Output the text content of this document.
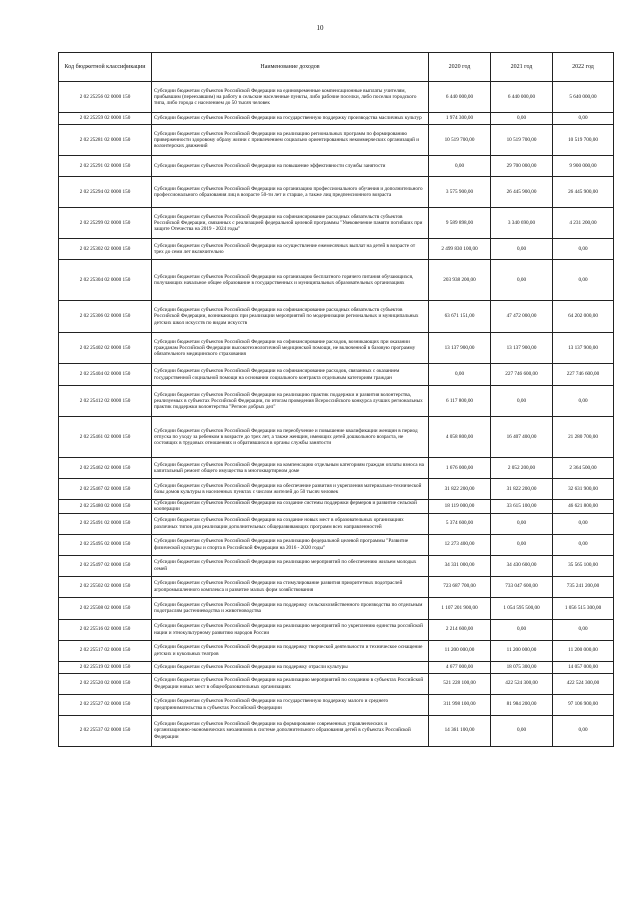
10
Код бюджетной классификации	Наименование доходов	2020 год	2021 год	2022 год
2 02 25256 02 0000 150	Субсидии бюджетам субъектов Российской Федерации на единовременные компенсационные выплаты учителям, прибывшим (переехавшим) на работу в сельские населенные пункты, либо рабочие поселки, либо поселки городского типа, либо города с населением до 50 тысяч человек	6 440 000,00	6 440 000,00	5 640 000,00
2 02 25259 02 0000 150	Субсидии бюджетам субъектов Российской Федерации на государственную поддержку производства масличных культур	1 974 300,00	0,00	0,00
2 02 25281 02 0000 150	Субсидии бюджетам субъектов Российской Федерации на реализацию региональных программ по формированию приверженности здоровому образу жизни с привлечением социально ориентированных некоммерческих организаций и волонтерских движений	10 519 700,00	10 519 700,00	10 519 700,00
2 02 25291 02 0000 150	Субсидии бюджетам субъектов Российской Федерации на повышение эффективности службы занятости	0,00	29 700 000,00	9 900 000,00
2 02 25294 02 0000 150	Субсидии бюджетам субъектов Российской Федерации на организацию профессионального обучения и дополнительного профессионального образования лиц в возрасте 50-ти лет и старше, а также лиц предпенсионного возраста	3 575 900,00	26 445 900,00	26 445 900,00
2 02 25299 02 0000 150	Субсидии бюджетам субъектов Российской Федерации на софинансирование расходных обязательств субъектов Российской Федерации, связанных с реализацией федеральной целевой программы "Увековечение памяти погибших при защите Отечества на 2019 - 2024 годы"	9 589 898,00	3 340 690,00	4 231 200,00
2 02 25302 02 0000 150	Субсидии бюджетам субъектов Российской Федерации на осуществление ежемесячных выплат на детей в возрасте от трех до семи лет включительно	2 499 830 100,00	0,00	0,00
2 02 25304 02 0000 150	Субсидии бюджетам субъектов Российской Федерации на организацию бесплатного горячего питания обучающихся, получающих начальное общее образование в государственных и муниципальных образовательных организациях	203 938 200,00	0,00	0,00
2 02 25306 02 0000 150	Субсидии бюджетам субъектов Российской Федерации на софинансирование расходных обязательств субъектов Российской Федерации, возникающих при реализации мероприятий по модернизации региональных и муниципальных детских школ искусств по видам искусств	63 671 151,00	47 472 000,00	64 202 000,00
2 02 25402 02 0000 150	Субсидии бюджетам субъектов Российской Федерации на софинансирование расходов, возникающих при оказании гражданам Российской Федерации высокотехнологичной медицинской помощи, не включенной в базовую программу обязательного медицинского страхования	13 137 900,00	13 137 900,00	13 137 900,00
2 02 25404 02 0000 150	Субсидии бюджетам субъектов Российской Федерации на софинансирование расходов, связанных с оказанием государственной социальной помощи на основании социального контракта отдельным категориям граждан	0,00	227 746 600,00	227 746 600,00
2 02 25412 02 0000 150	Субсидии бюджетам субъектов Российской Федерации на реализацию практик поддержки и развития волонтерства, реализуемых в субъектах Российской Федерации, по итогам проведения Всероссийского конкурса лучших региональных практик поддержки волонтерства "Регион добрых дел"	6 117 800,00	0,00	0,00
2 02 25461 02 0000 150	Субсидии бюджетам субъектов Российской Федерации на переобучение и повышение квалификации женщин в период отпуска по уходу за ребенком в возрасте до трех лет, а также женщин, имеющих детей дошкольного возраста, не состоящих в трудовых отношениях и обратившихся в органы службы занятости	4 058 800,00	16 407 400,00	21 280 700,00
2 02 25462 02 0000 150	Субсидии бюджетам субъектов Российской Федерации на компенсацию отдельным категориям граждан оплаты взноса на капитальный ремонт общего имущества в многоквартирном доме	1 676 000,00	2 052 200,00	2 364 500,00
2 02 25467 02 0000 150	Субсидии бюджетам субъектов Российской Федерации на обеспечение развития и укрепления материально-технической базы домов культуры в населенных пунктах с числом жителей до 50 тысяч человек	31 822 200,00	31 822 200,00	32 631 900,00
2 02 25480 02 0000 150	Субсидии бюджетам субъектов Российской Федерации на создание системы поддержки фермеров и развитие сельской кооперации	18 119 000,00	33 615 100,00	46 621 800,00
2 02 25491 02 0000 150	Субсидии бюджетам субъектов Российской Федерации на создание новых мест в образовательных организациях различных типов для реализации дополнительных общеразвивающих программ всех направленностей	5 374 600,00	0,00	0,00
2 02 25495 02 0000 150	Субсидии бюджетам субъектов Российской Федерации на реализацию федеральной целевой программы "Развитие физической культуры и спорта в Российской Федерации на 2016 - 2020 годы"	12 273 400,00	0,00	0,00
2 02 25497 02 0000 150	Субсидии бюджетам субъектов Российской Федерации на реализацию мероприятий по обеспечению жильем молодых семей	34 331 000,00	34 430 600,00	35 565 100,00
2 02 25502 02 0000 150	Субсидии бюджетам субъектов Российской Федерации на стимулирование развития приоритетных подотраслей агропромышленного комплекса и развитие малых форм хозяйствования	723 687 700,00	733 047 600,00	735 241 200,00
2 02 25508 02 0000 150	Субсидии бюджетам субъектов Российской Федерации на поддержку сельскохозяйственного производства по отдельным подотраслям растениеводства и животноводства	1 107 201 900,00	1 054 595 500,00	1 056 515 300,00
2 02 25516 02 0000 150	Субсидии бюджетам субъектов Российской Федерации на реализацию мероприятий по укреплению единства российской нации и этнокультурному развитию народов России	2 214 600,00	0,00	0,00
2 02 25517 02 0000 150	Субсидии бюджетам субъектов Российской Федерации на поддержку творческой деятельности и техническое оснащение детских и кукольных театров	11 200 000,00	11 200 000,00	11 200 000,00
2 02 25519 02 0000 150	Субсидии бюджетам субъектов Российской Федерации на поддержку отрасли культуры	4 677 000,00	18 075 300,00	14 057 000,00
2 02 25520 02 0000 150	Субсидии бюджетам субъектов Российской Федерации на реализацию мероприятий по созданию в субъектах Российской Федерации новых мест в общеобразовательных организациях	521 228 100,00	422 524 300,00	422 524 300,00
2 02 25527 02 0000 150	Субсидии бюджетам субъектов Российской Федерации на государственную поддержку малого и среднего предпринимательства в субъектах Российской Федерации	311 998 100,00	81 984 200,00	97 106 900,00
2 02 25537 02 0000 150	Субсидии бюджетам субъектов Российской Федерации на формирование современных управленческих и организационно-экономических механизмов в системе дополнительного образования детей в субъектах Российской Федерации	14 361 100,00	0,00	0,00
